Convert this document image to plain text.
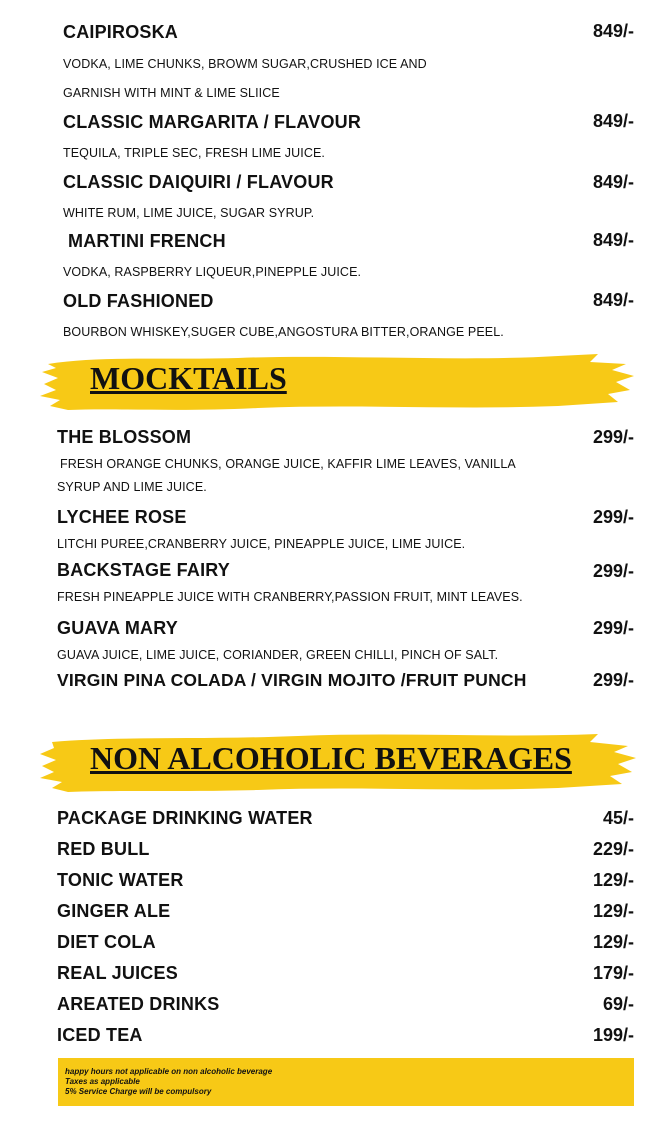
CAIPIROSKA	849/-
VODKA, LIME CHUNKS, BROWM SUGAR,CRUSHED ICE AND
GARNISH WITH MINT & LIME SLIICE
CLASSIC MARGARITA / FLAVOUR	849/-
TEQUILA, TRIPLE SEC, FRESH LIME JUICE.
CLASSIC DAIQUIRI / FLAVOUR	849/-
WHITE RUM, LIME JUICE, SUGAR SYRUP.
MARTINI FRENCH	849/-
VODKA, RASPBERRY LIQUEUR,PINEPPLE JUICE.
OLD FASHIONED	849/-
BOURBON WHISKEY,SUGER CUBE,ANGOSTURA BITTER,ORANGE PEEL.
MOCKTAILS
THE BLOSSOM	299/-
FRESH ORANGE CHUNKS, ORANGE JUICE, KAFFIR LIME LEAVES, VANILLA
SYRUP AND LIME JUICE.
LYCHEE ROSE	299/-
LITCHI PUREE,CRANBERRY JUICE, PINEAPPLE JUICE, LIME JUICE.
BACKSTAGE FAIRY	299/-
FRESH PINEAPPLE JUICE WITH CRANBERRY,PASSION FRUIT, MINT LEAVES.
GUAVA MARY	299/-
GUAVA JUICE, LIME JUICE, CORIANDER, GREEN CHILLI, PINCH OF SALT.
VIRGIN PINA COLADA / VIRGIN MOJITO /FRUIT PUNCH	299/-
NON ALCOHOLIC BEVERAGES
PACKAGE DRINKING WATER	45/-
RED BULL	229/-
TONIC WATER	129/-
GINGER ALE	129/-
DIET COLA	129/-
REAL JUICES	179/-
AREATED DRINKS	69/-
ICED TEA	199/-
happy hours not applicable on non alcoholic beverage
Taxes as applicable
5% Service Charge will be compulsory
